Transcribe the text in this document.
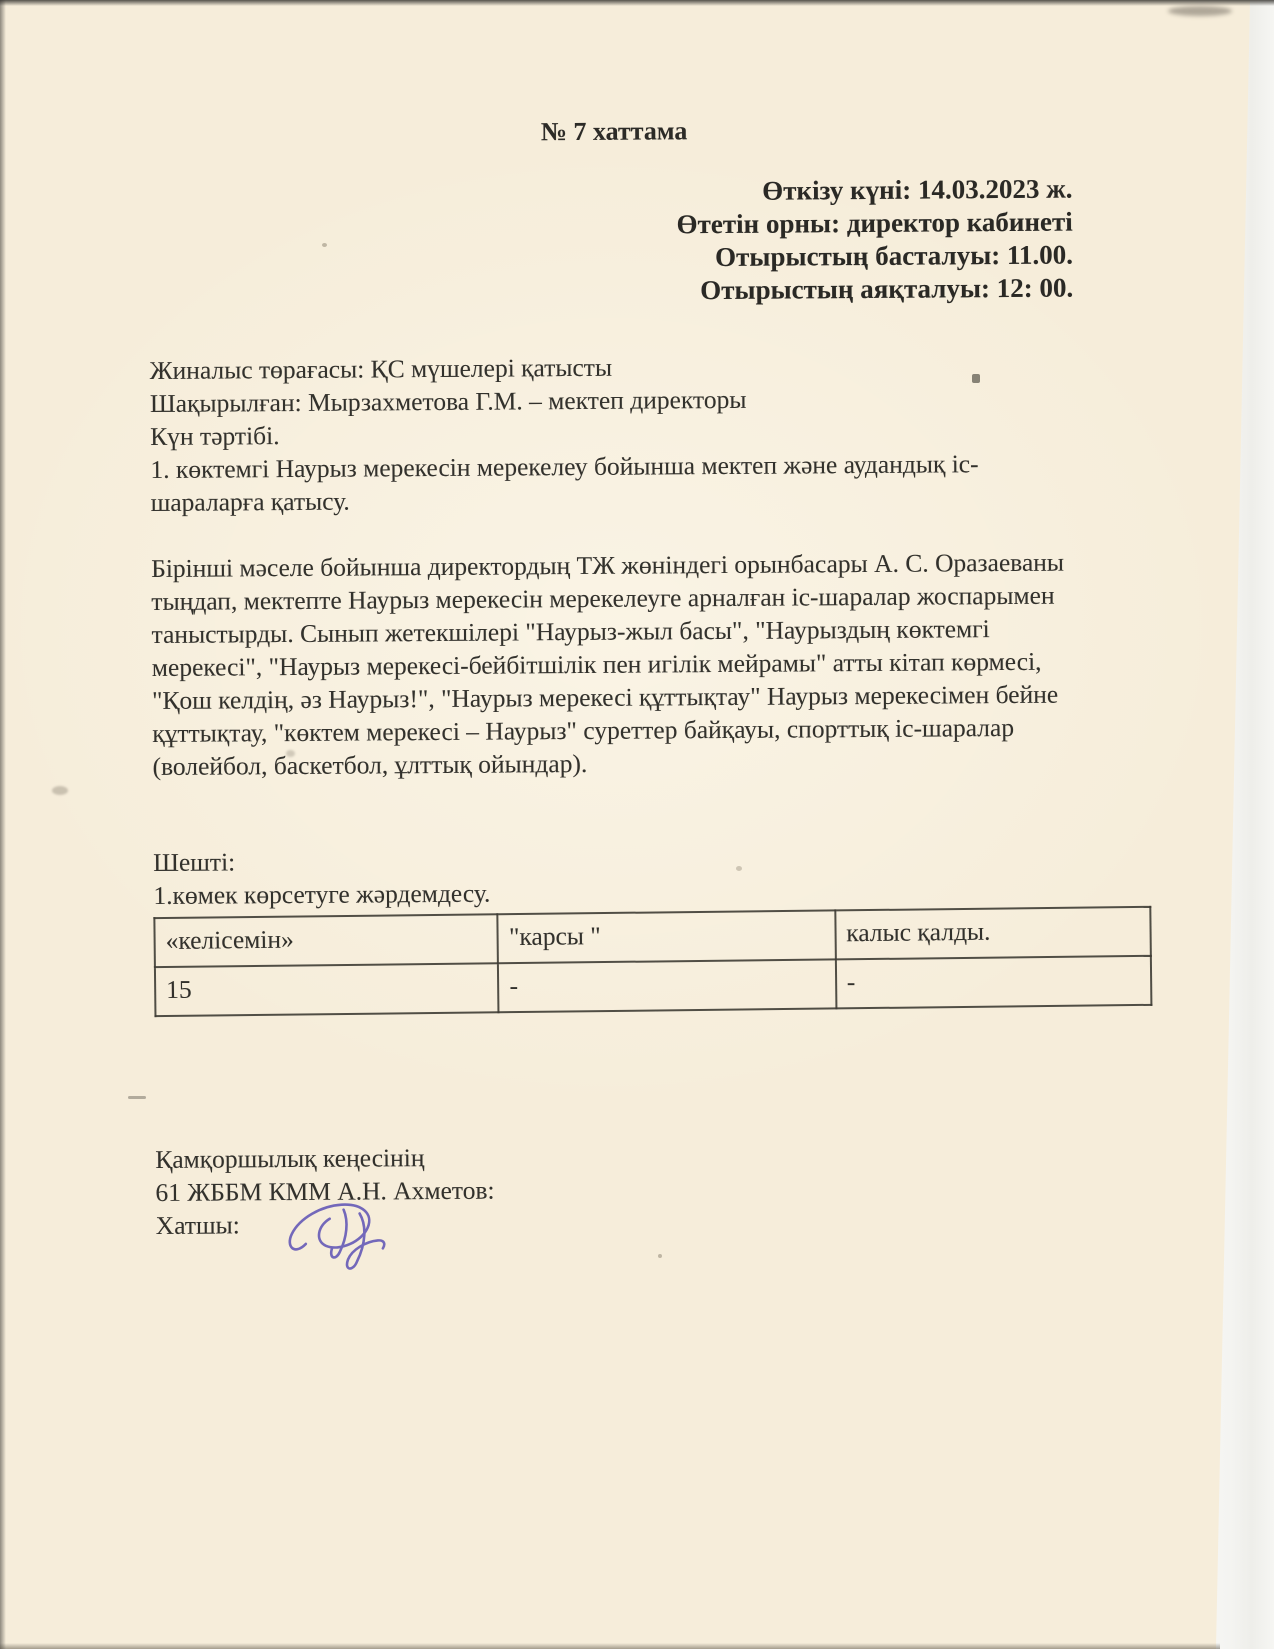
№ 7 хаттама
Өткізу күні: 14.03.2023 ж.
Өтетін орны: директор кабинеті
Отырыстың басталуы: 11.00.
Отырыстың аяқталуы: 12: 00.
Жиналыс төрағасы: ҚС мүшелері қатысты
Шақырылған: Мырзахметова Г.М. – мектеп директоры
Күн тәртібі.
1. көктемгі Наурыз мерекесін мерекелеу бойынша мектеп және аудандық іс-шараларға қатысу.

Бірінші мәселе бойынша директордың ТЖ жөніндегі орынбасары А. С. Оразаеваны тыңдап, мектепте Наурыз мерекесін мерекелеуге арналған іс-шаралар жоспарымен таныстырды. Сынып жетекшілері "Наурыз-жыл басы", "Наурыздың көктемгі мерекесі", "Наурыз мерекесі-бейбітшілік пен игілік мейрамы" атты кітап көрмесі, "Қош келдің, әз Наурыз!", "Наурыз мерекесі құттықтау" Наурыз мерекесімен бейне құттықтау, "көктем мерекесі – Наурыз" суреттер байқауы, спорттық іс-шаралар (волейбол, баскетбол, ұлттық ойындар).

Шешті:
1.көмек көрсетуге жәрдемдесу.
«келісемін»	"карсы "	калыс қалды.
15	-	-
Қамқоршылық кеңесінің
61 ЖББМ КММ А.Н. Ахметов:
Хатшы:
